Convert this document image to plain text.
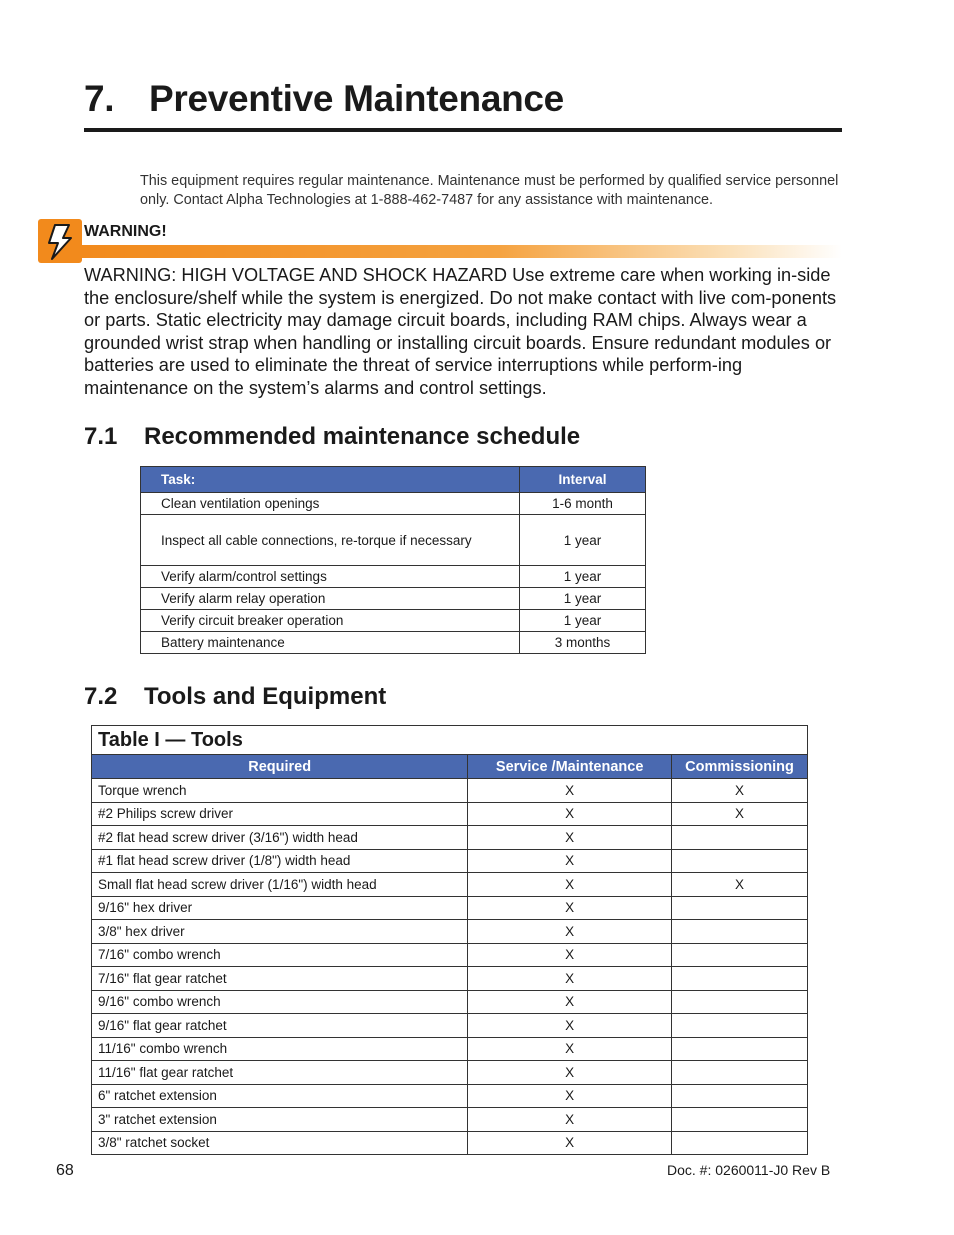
7. Preventive Maintenance
This equipment requires regular maintenance. Maintenance must be performed by qualified service personnel only. Contact Alpha Technologies at 1-888-462-7487 for any assistance with maintenance.
WARNING!
WARNING: HIGH VOLTAGE AND SHOCK HAZARD Use extreme care when working in-side the enclosure/shelf while the system is energized. Do not make contact with live com-ponents or parts. Static electricity may damage circuit boards, including RAM chips. Always wear a grounded wrist strap when handling or installing circuit boards. Ensure redundant modules or batteries are used to eliminate the threat of service interruptions while perform-ing maintenance on the system’s alarms and control settings.
7.1 Recommended maintenance schedule
Task:	Interval
Clean ventilation openings	1-6 month
Inspect all cable connections, re-torque if necessary	1 year
Verify alarm/control settings	1 year
Verify alarm relay operation	1 year
Verify circuit breaker operation	1 year
Battery maintenance	3 months
7.2 Tools and Equipment
Table I — Tools		
Required	Service /Maintenance	Commissioning
Torque wrench	X	X
#2 Philips screw driver	X	X
#2 flat head screw driver (3/16") width head	X	
#1 flat head screw driver (1/8") width head	X	
Small flat head screw driver (1/16") width head	X	X
9/16" hex driver	X	
3/8" hex driver	X	
7/16" combo wrench	X	
7/16" flat gear ratchet	X	
9/16" combo wrench	X	
9/16" flat gear ratchet	X	
11/16" combo wrench	X	
11/16" flat gear ratchet	X	
6" ratchet extension	X	
3" ratchet extension	X	
3/8" ratchet socket	X	
68	Doc. #: 0260011-J0 Rev B
